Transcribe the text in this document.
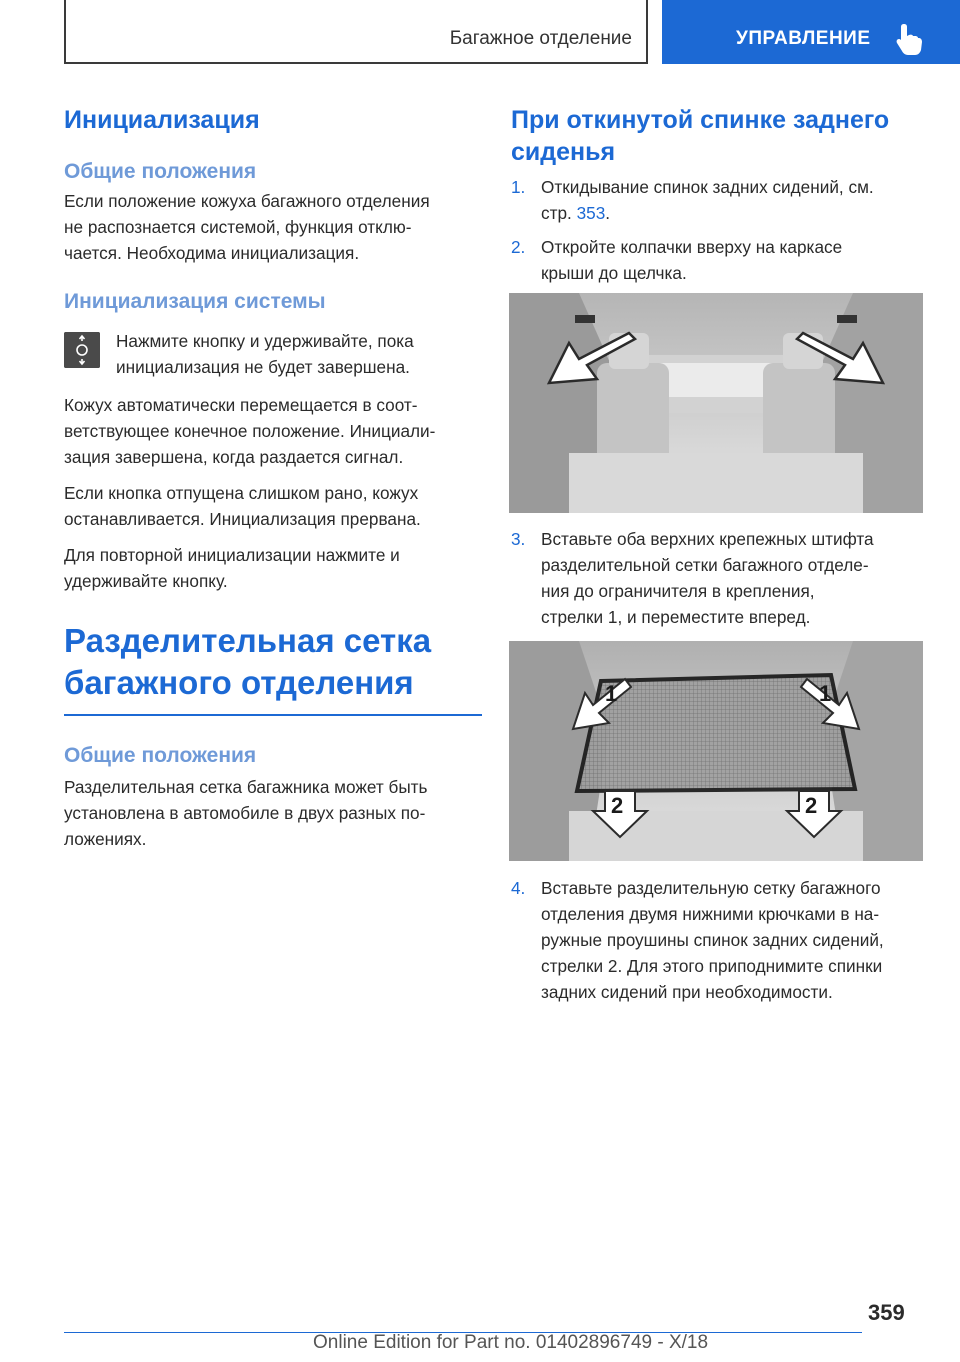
Багажное отделение	УПРАВЛЕНИЕ
Инициализация
Общие положения
Если положение кожуха багажного отделения
не распознается системой, функция отклю-
чается. Необходима инициализация.
Инициализация системы
Нажмите кнопку и удерживайте, пока
инициализация не будет завершена.
Кожух автоматически перемещается в соот-
ветствующее конечное положение. Инициали-
зация завершена, когда раздается сигнал.
Если кнопка отпущена слишком рано, кожух
останавливается. Инициализация прервана.
Для повторной инициализации нажмите и
удерживайте кнопку.
Разделительная сетка
багажного отделения
Общие положения
Разделительная сетка багажника может быть
установлена в автомобиле в двух разных по-
ложениях.
При откинутой спинке заднего
сиденья
1. Откидывание спинок задних сидений, см.
стр. 353.
2. Откройте колпачки вверху на каркасе
крыши до щелчка.
3. Вставьте оба верхних крепежных штифта
разделительной сетки багажного отделе-
ния до ограничителя в крепления,
стрелки 1, и переместите вперед.
1	1
2	2
4. Вставьте разделительную сетку багажного
отделения двумя нижними крючками в на-
ружные проушины спинок задних сидений,
стрелки 2. Для этого приподнимите спинки
задних сидений при необходимости.
359
Online Edition for Part no. 01402896749 - X/18
